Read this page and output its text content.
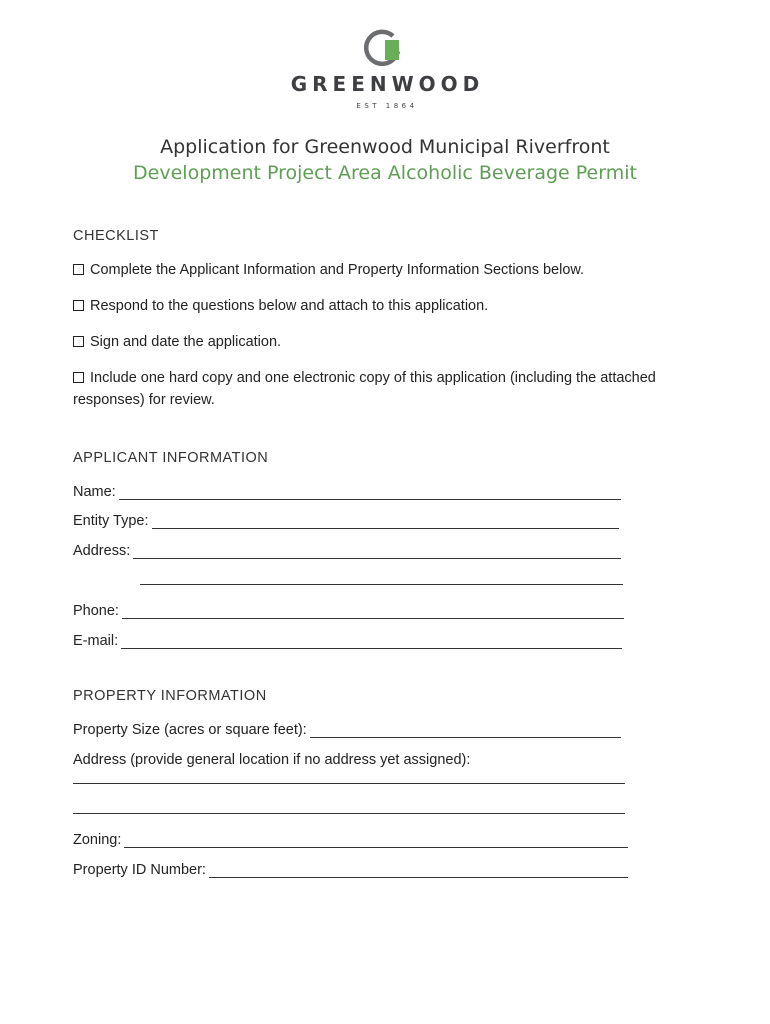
GREENWOOD
EST 1864
Application for Greenwood Municipal Riverfront
Development Project Area Alcoholic Beverage Permit
CHECKLIST
Complete the Applicant Information and Property Information Sections below.
Respond to the questions below and attach to this application.
Sign and date the application.
Include one hard copy and one electronic copy of this application (including the attached responses) for review.
APPLICANT INFORMATION
Name:
Entity Type:
Address:
Phone:
E-mail:
PROPERTY INFORMATION
Property Size (acres or square feet):
Address (provide general location if no address yet assigned):
Zoning:
Property ID Number:
